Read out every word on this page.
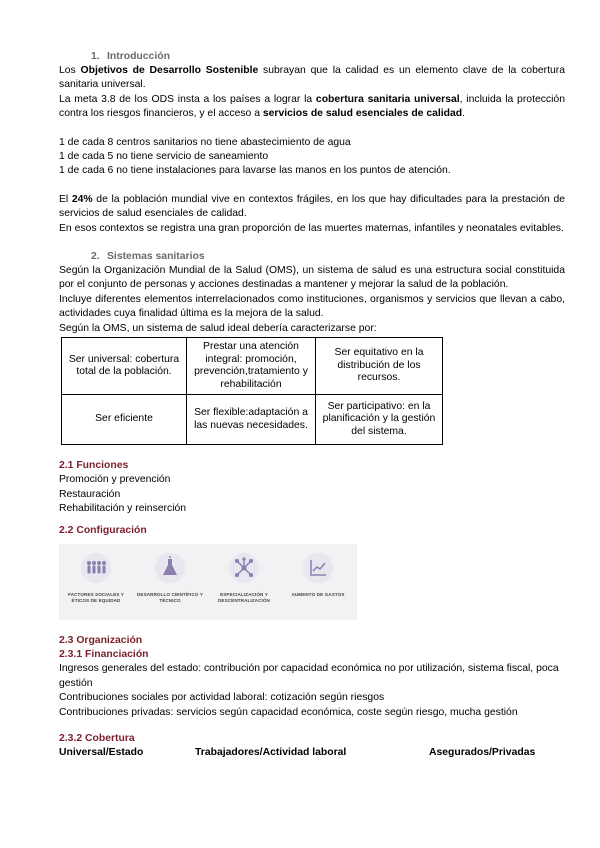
1. Introducción
Los Objetivos de Desarrollo Sostenible subrayan que la calidad es un elemento clave de la cobertura sanitaria universal.
La meta 3.8 de los ODS insta a los países a lograr la cobertura sanitaria universal, incluida la protección contra los riesgos financieros, y el acceso a servicios de salud esenciales de calidad.
1 de cada 8 centros sanitarios no tiene abastecimiento de agua
1 de cada 5 no tiene servicio de saneamiento
1 de cada 6 no tiene instalaciones para lavarse las manos en los puntos de atención.
El 24% de la población mundial vive en contextos frágiles, en los que hay dificultades para la prestación de servicios de salud esenciales de calidad.
En esos contextos se registra una gran proporción de las muertes maternas, infantiles y neonatales evitables.
2. Sistemas sanitarios
Según la Organización Mundial de la Salud (OMS), un sistema de salud es una estructura social constituida por el conjunto de personas y acciones destinadas a mantener y mejorar la salud de la población.
Incluye diferentes elementos interrelacionados como instituciones, organismos y servicios que llevan a cabo, actividades cuya finalidad última es la mejora de la salud.
Según la OMS, un sistema de salud ideal debería caracterizarse por:
Ser universal: cobertura total de la población.	Prestar una atención integral: promoción, prevención,tratamiento y rehabilitación	Ser equitativo en la distribución de los recursos.
Ser eficiente	Ser flexible:adaptación a las nuevas necesidades.	Ser participativo: en la planificación y la gestión del sistema.
2.1 Funciones
Promoción y prevención
Restauración
Rehabilitación y reinserción
2.2 Configuración
FACTORES SOCIALES Y ÉTICOS DE EQUIDAD
DESARROLLO CIENTÍFICO Y TÉCNICO
ESPECIALIZACIÓN Y DESCENTRALIZACIÓN
AUMENTO DE GASTOS
2.3 Organización
2.3.1 Financiación
Ingresos generales del estado: contribución por capacidad económica no por utilización, sistema fiscal, poca gestión
Contribuciones sociales por actividad laboral: cotización según riesgos
Contribuciones privadas: servicios según capacidad económica, coste según riesgo, mucha gestión
2.3.2 Cobertura
Universal/Estado	Trabajadores/Actividad laboral	Asegurados/Privadas
